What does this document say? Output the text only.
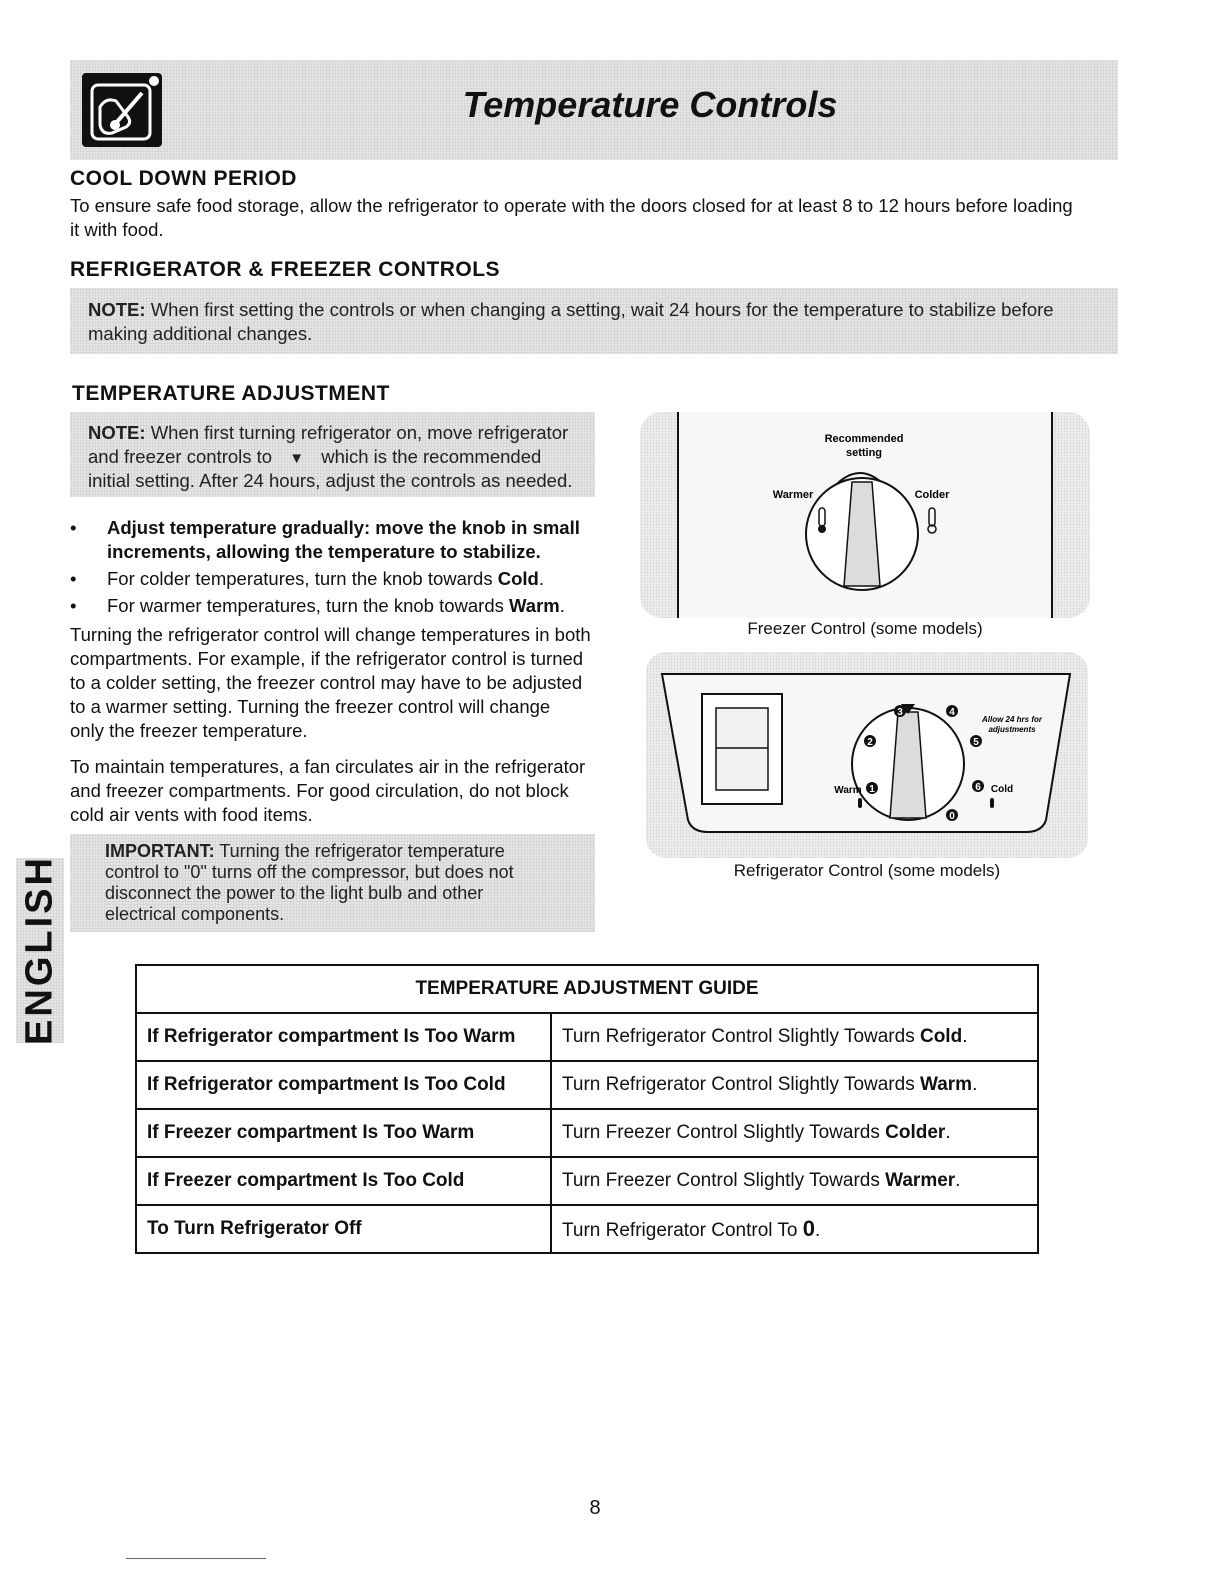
Temperature Controls
COOL DOWN PERIOD
To ensure safe food storage, allow the refrigerator to operate with the doors closed for at least 8 to 12 hours before loading
it with food.
REFRIGERATOR & FREEZER CONTROLS
NOTE: When first setting the controls or when changing a setting, wait 24 hours for the temperature to stabilize before
making additional changes.
TEMPERATURE ADJUSTMENT
NOTE: When first turning refrigerator on, move refrigerator
and freezer controls to ▼ which is the recommended
initial setting. After 24 hours, adjust the controls as needed.
• Adjust temperature gradually: move the knob in small
increments, allowing the temperature to stabilize.
• For colder temperatures, turn the knob towards Cold.
• For warmer temperatures, turn the knob towards Warm.
Turning the refrigerator control will change temperatures in both
compartments. For example, if the refrigerator control is turned
to a colder setting, the freezer control may have to be adjusted
to a warmer setting. Turning the freezer control will change
only the freezer temperature.
To maintain temperatures, a fan circulates air in the refrigerator
and freezer compartments. For good circulation, do not block
cold air vents with food items.
IMPORTANT: Turning the refrigerator temperature
control to "0" turns off the compressor, but does not
disconnect the power to the light bulb and other
electrical components.
ENGLISH
Recommended
setting
Warmer	Colder
Freezer Control (some models)
1
2
3	4
5
6
0
Warm	Cold
Allow 24 hrs for
adjustments
Refrigerator Control (some models)
TEMPERATURE ADJUSTMENT GUIDE	
If Refrigerator compartment Is Too Warm	Turn Refrigerator Control Slightly Towards Cold.
If Refrigerator compartment Is Too Cold	Turn Refrigerator Control Slightly Towards Warm.
If Freezer compartment Is Too Warm	Turn Freezer Control Slightly Towards Colder.
If Freezer compartment Is Too Cold	Turn Freezer Control Slightly Towards Warmer.
To Turn Refrigerator Off	Turn Refrigerator Control To 0.
8
